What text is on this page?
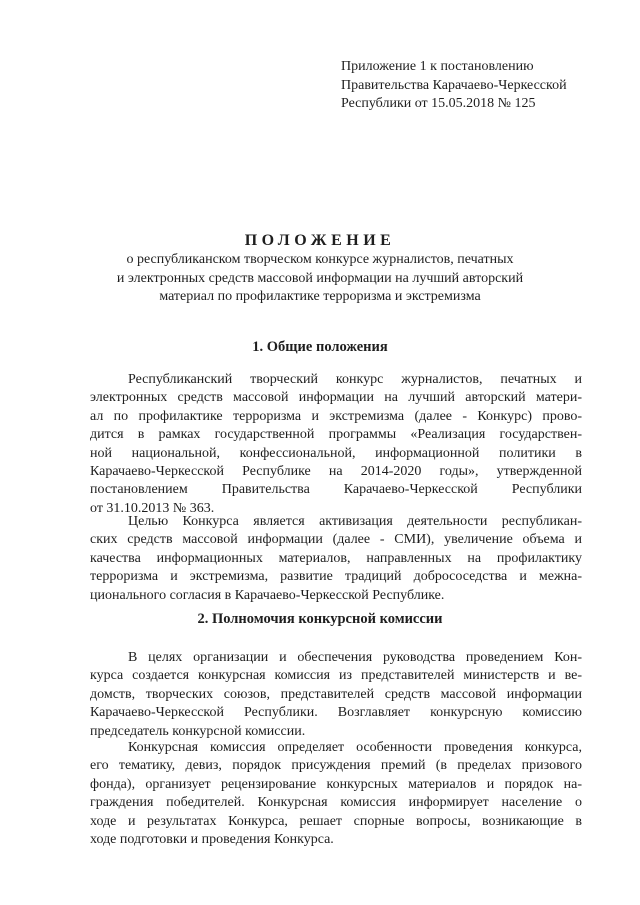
Приложение 1 к постановлению
Правительства Карачаево-Черкесской
Республики от 15.05.2018 № 125
ПОЛОЖЕНИЕ
о республиканском творческом конкурсе журналистов, печатных
и электронных средств массовой информации на лучший авторский
материал по профилактике терроризма и экстремизма
1. Общие положения
Республиканский творческий конкурс журналистов, печатных и
электронных средств массовой информации на лучший авторский матери-
ал по профилактике терроризма и экстремизма (далее - Конкурс) прово-
дится в рамках государственной программы «Реализация государствен-
ной национальной, конфессиональной, информационной политики в
Карачаево-Черкесской Республике на 2014-2020 годы», утвержденной
постановлением Правительства Карачаево-Черкесской Республики
от 31.10.2013 № 363.
Целью Конкурса является активизация деятельности республикан-
ских средств массовой информации (далее - СМИ), увеличение объема и
качества информационных материалов, направленных на профилактику
терроризма и экстремизма, развитие традиций добрососедства и межна-
ционального согласия в Карачаево-Черкесской Республике.
2. Полномочия конкурсной комиссии
В целях организации и обеспечения руководства проведением Кон-
курса создается конкурсная комиссия из представителей министерств и ве-
домств, творческих союзов, представителей средств массовой информации
Карачаево-Черкесской Республики. Возглавляет конкурсную комиссию
председатель конкурсной комиссии.
Конкурсная комиссия определяет особенности проведения конкурса,
его тематику, девиз, порядок присуждения премий (в пределах призового
фонда), организует рецензирование конкурсных материалов и порядок на-
граждения победителей. Конкурсная комиссия информирует население о
ходе и результатах Конкурса, решает спорные вопросы, возникающие в
ходе подготовки и проведения Конкурса.
